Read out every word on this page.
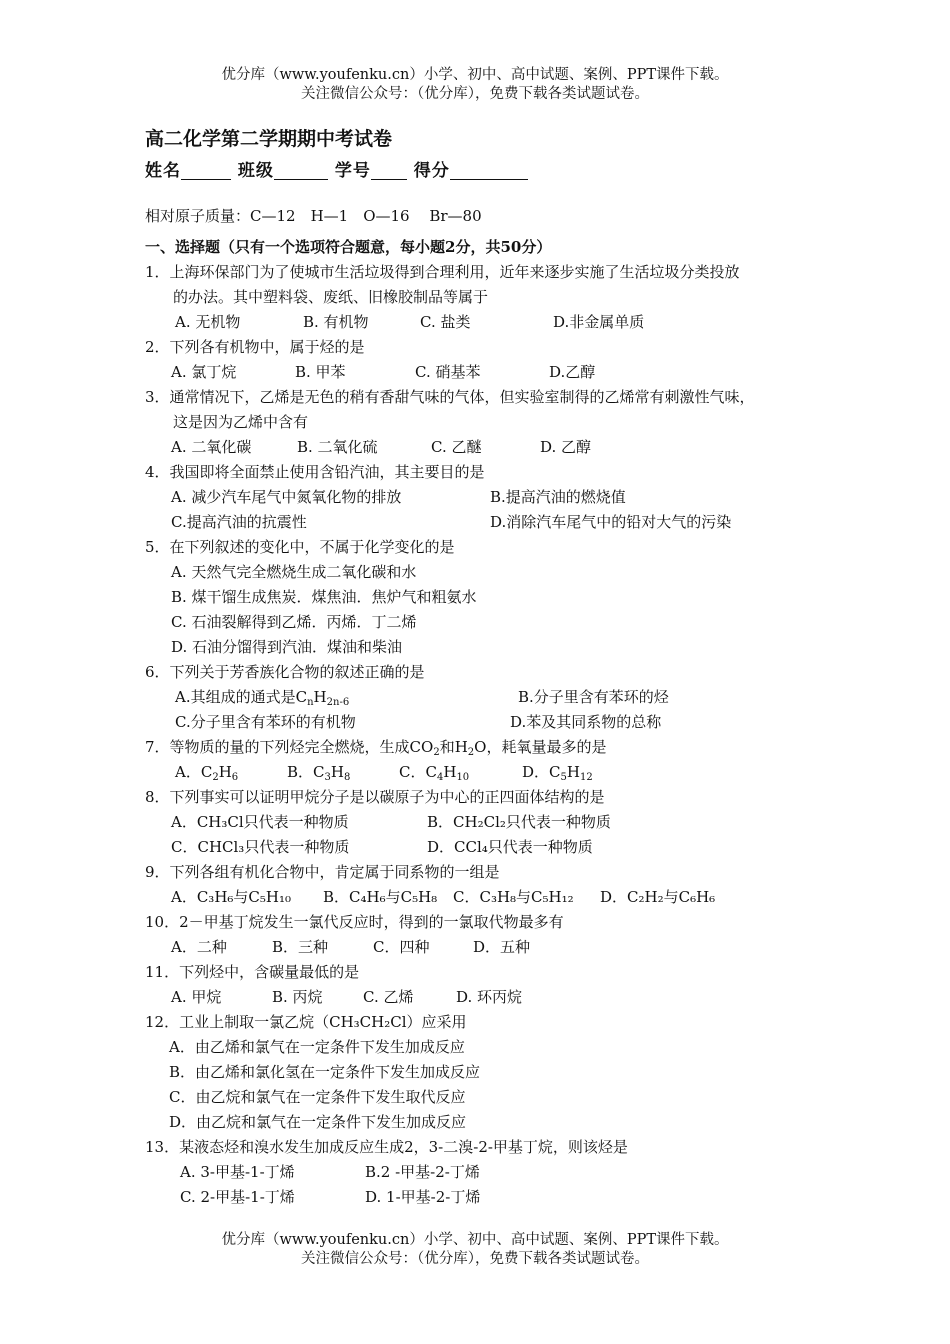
优分库（www.youfenku.cn）小学、初中、高中试题、案例、PPT课件下载。
关注微信公众号：（优分库），免费下载各类试题试卷。
高二化学第二学期期中考试卷
姓名	班级	学号	得分
相对原子质量：C—12　H—1　O—16　 Br—80
一、选择题（只有一个选项符合题意，每小题2分，共50分）
1．上海环保部门为了使城市生活垃圾得到合理利用，近年来逐步实施了生活垃圾分类投放
的办法。其中塑料袋、废纸、旧橡胶制品等属于
A. 无机物	B. 有机物	C. 盐类	D.非金属单质
2．下列各有机物中，属于烃的是
A. 氯丁烷	B. 甲苯	C. 硝基苯	D.乙醇
3．通常情况下，乙烯是无色的稍有香甜气味的气体，但实验室制得的乙烯常有刺激性气味，
这是因为乙烯中含有
A. 二氧化碳	B. 二氧化硫	C. 乙醚	D. 乙醇
4．我国即将全面禁止使用含铅汽油，其主要目的是
A. 减少汽车尾气中氮氧化物的排放	B.提高汽油的燃烧值
C.提高汽油的抗震性	D.消除汽车尾气中的铅对大气的污染
5．在下列叙述的变化中，不属于化学变化的是
A. 天然气完全燃烧生成二氧化碳和水
B. 煤干馏生成焦炭．煤焦油．焦炉气和粗氨水
C. 石油裂解得到乙烯．丙烯．丁二烯
D. 石油分馏得到汽油．煤油和柴油
6．下列关于芳香族化合物的叙述正确的是
A.其组成的通式是$C_nH_{2n-6}$	B.分子里含有苯环的烃
C.分子里含有苯环的有机物	D.苯及其同系物的总称
7．等物质的量的下列烃完全燃烧，生成$CO_2$和$H_2O$，耗氧量最多的是
A．$C_2H_6$	B．$C_3H_8$	C．$C_4H_{10}$	D．$C_5H_{12}$
8．下列事实可以证明甲烷分子是以碳原子为中心的正四面体结构的是
A．CH₃Cl只代表一种物质	B．CH₂Cl₂只代表一种物质
C．CHCl₃只代表一种物质	D．CCl₄只代表一种物质
9．下列各组有机化合物中，肯定属于同系物的一组是
A．C₃H₆与C₅H₁₀ B．C₄H₆与C₅H₈ C．C₃H₈与C₅H₁₂ D．C₂H₂与C₆H₆
10．2－甲基丁烷发生一氯代反应时，得到的一氯取代物最多有
A．二种	B．三种	C．四种	D．五种
11．下列烃中，含碳量最低的是
A. 甲烷	B. 丙烷	C. 乙烯	D. 环丙烷
12．工业上制取一氯乙烷（CH₃CH₂Cl）应采用
A．由乙烯和氯气在一定条件下发生加成反应
B．由乙烯和氯化氢在一定条件下发生加成反应
C．由乙烷和氯气在一定条件下发生取代反应
D．由乙烷和氯气在一定条件下发生加成反应
13．某液态烃和溴水发生加成反应生成2，3-二溴-2-甲基丁烷，则该烃是
A. 3-甲基-1-丁烯	B.2 -甲基-2-丁烯
C. 2-甲基-1-丁烯	D. 1-甲基-2-丁烯
优分库（www.youfenku.cn）小学、初中、高中试题、案例、PPT课件下载。
关注微信公众号：（优分库），免费下载各类试题试卷。
